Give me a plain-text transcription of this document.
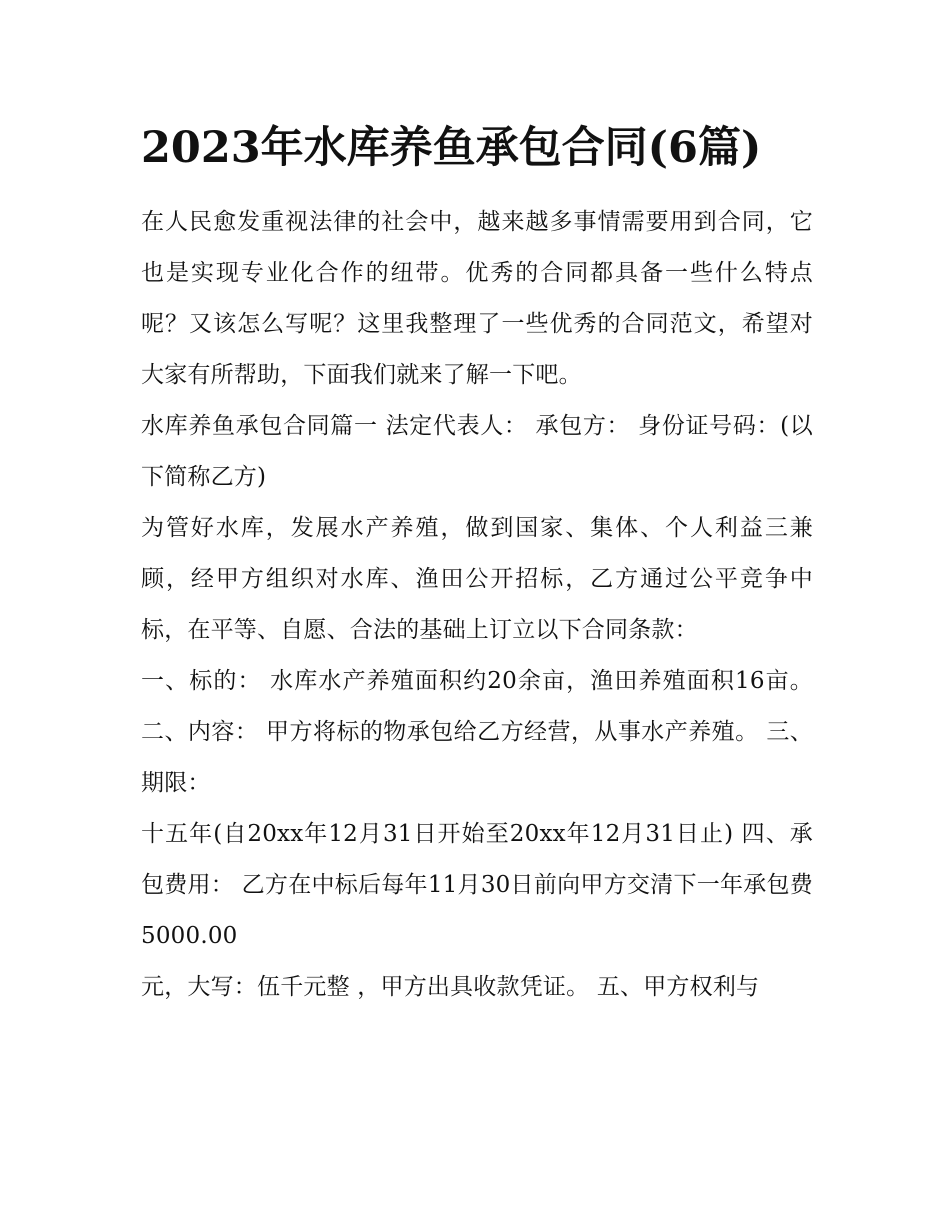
2023年水库养鱼承包合同(6篇)

在人民愈发重视法律的社会中，越来越多事情需要用到合同，它也是实现专业化合作的纽带。优秀的合同都具备一些什么特点呢？又该怎么写呢？这里我整理了一些优秀的合同范文，希望对大家有所帮助，下面我们就来了解一下吧。

水库养鱼承包合同篇一 法定代表人： 承包方： 身份证号码：(以下简称乙方)

为管好水库，发展水产养殖，做到国家、集体、个人利益三兼顾，经甲方组织对水库、渔田公开招标，乙方通过公平竞争中标，在平等、自愿、合法的基础上订立以下合同条款：

一、标的： 水库水产养殖面积约20余亩，渔田养殖面积16亩。 二、内容： 甲方将标的物承包给乙方经营，从事水产养殖。 三、期限：

十五年(自20xx年12月31日开始至20xx年12月31日止) 四、承包费用： 乙方在中标后每年11月30日前向甲方交清下一年承包费5000.00

元，大写：伍千元整 ，甲方出具收款凭证。 五、甲方权利与
